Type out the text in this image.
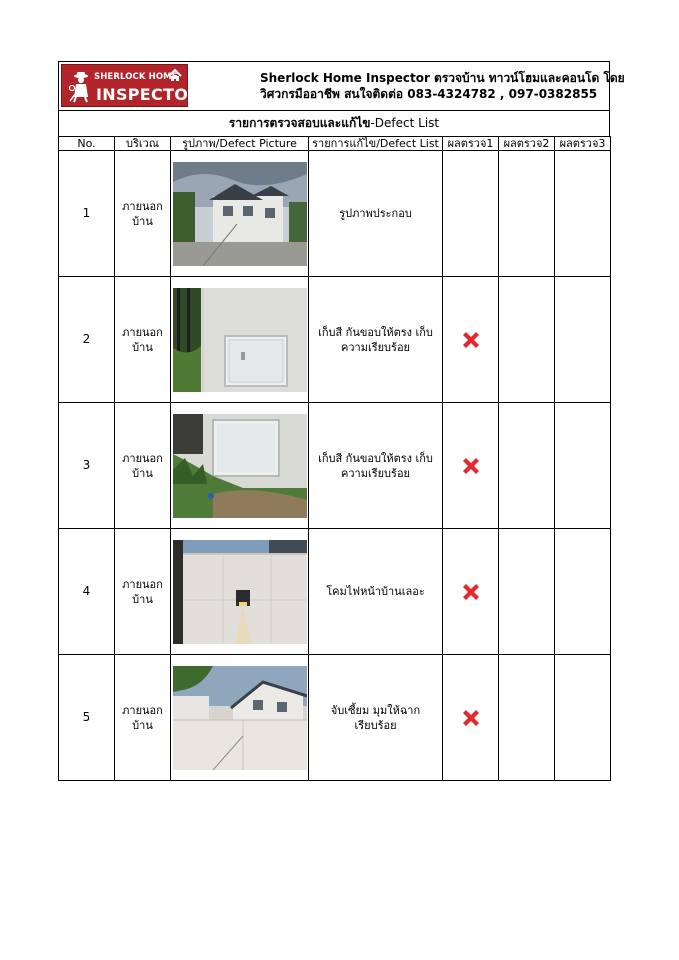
SHERLOCK HOME
INSPECTOR
Sherlock Home Inspector ตรวจบ้าน ทาวน์โฮมและคอนโด โดย
วิศวกรมืออาชีพ สนใจติดต่อ 083-4324782 , 097-0382855
รายการตรวจสอบและแก้ไข-Defect List
No.	บริเวณ	รูปภาพ/Defect Picture	รายการแก้ไข/Defect List	ผลตรวจ1	ผลตรวจ2	ผลตรวจ3
1	ภายนอกบ้าน		รูปภาพประกอบ			
2	ภายนอกบ้าน		เก็บสี กันขอบให้ตรง เก็บความเรียบร้อย	

3	ภายนอกบ้าน		เก็บสี กันขอบให้ตรง เก็บความเรียบร้อย	

4	ภายนอกบ้าน		โคมไฟหน้าบ้านเลอะ	

5	ภายนอกบ้าน		จับเซี้ยม มุมให้ฉากเรียบร้อย	
